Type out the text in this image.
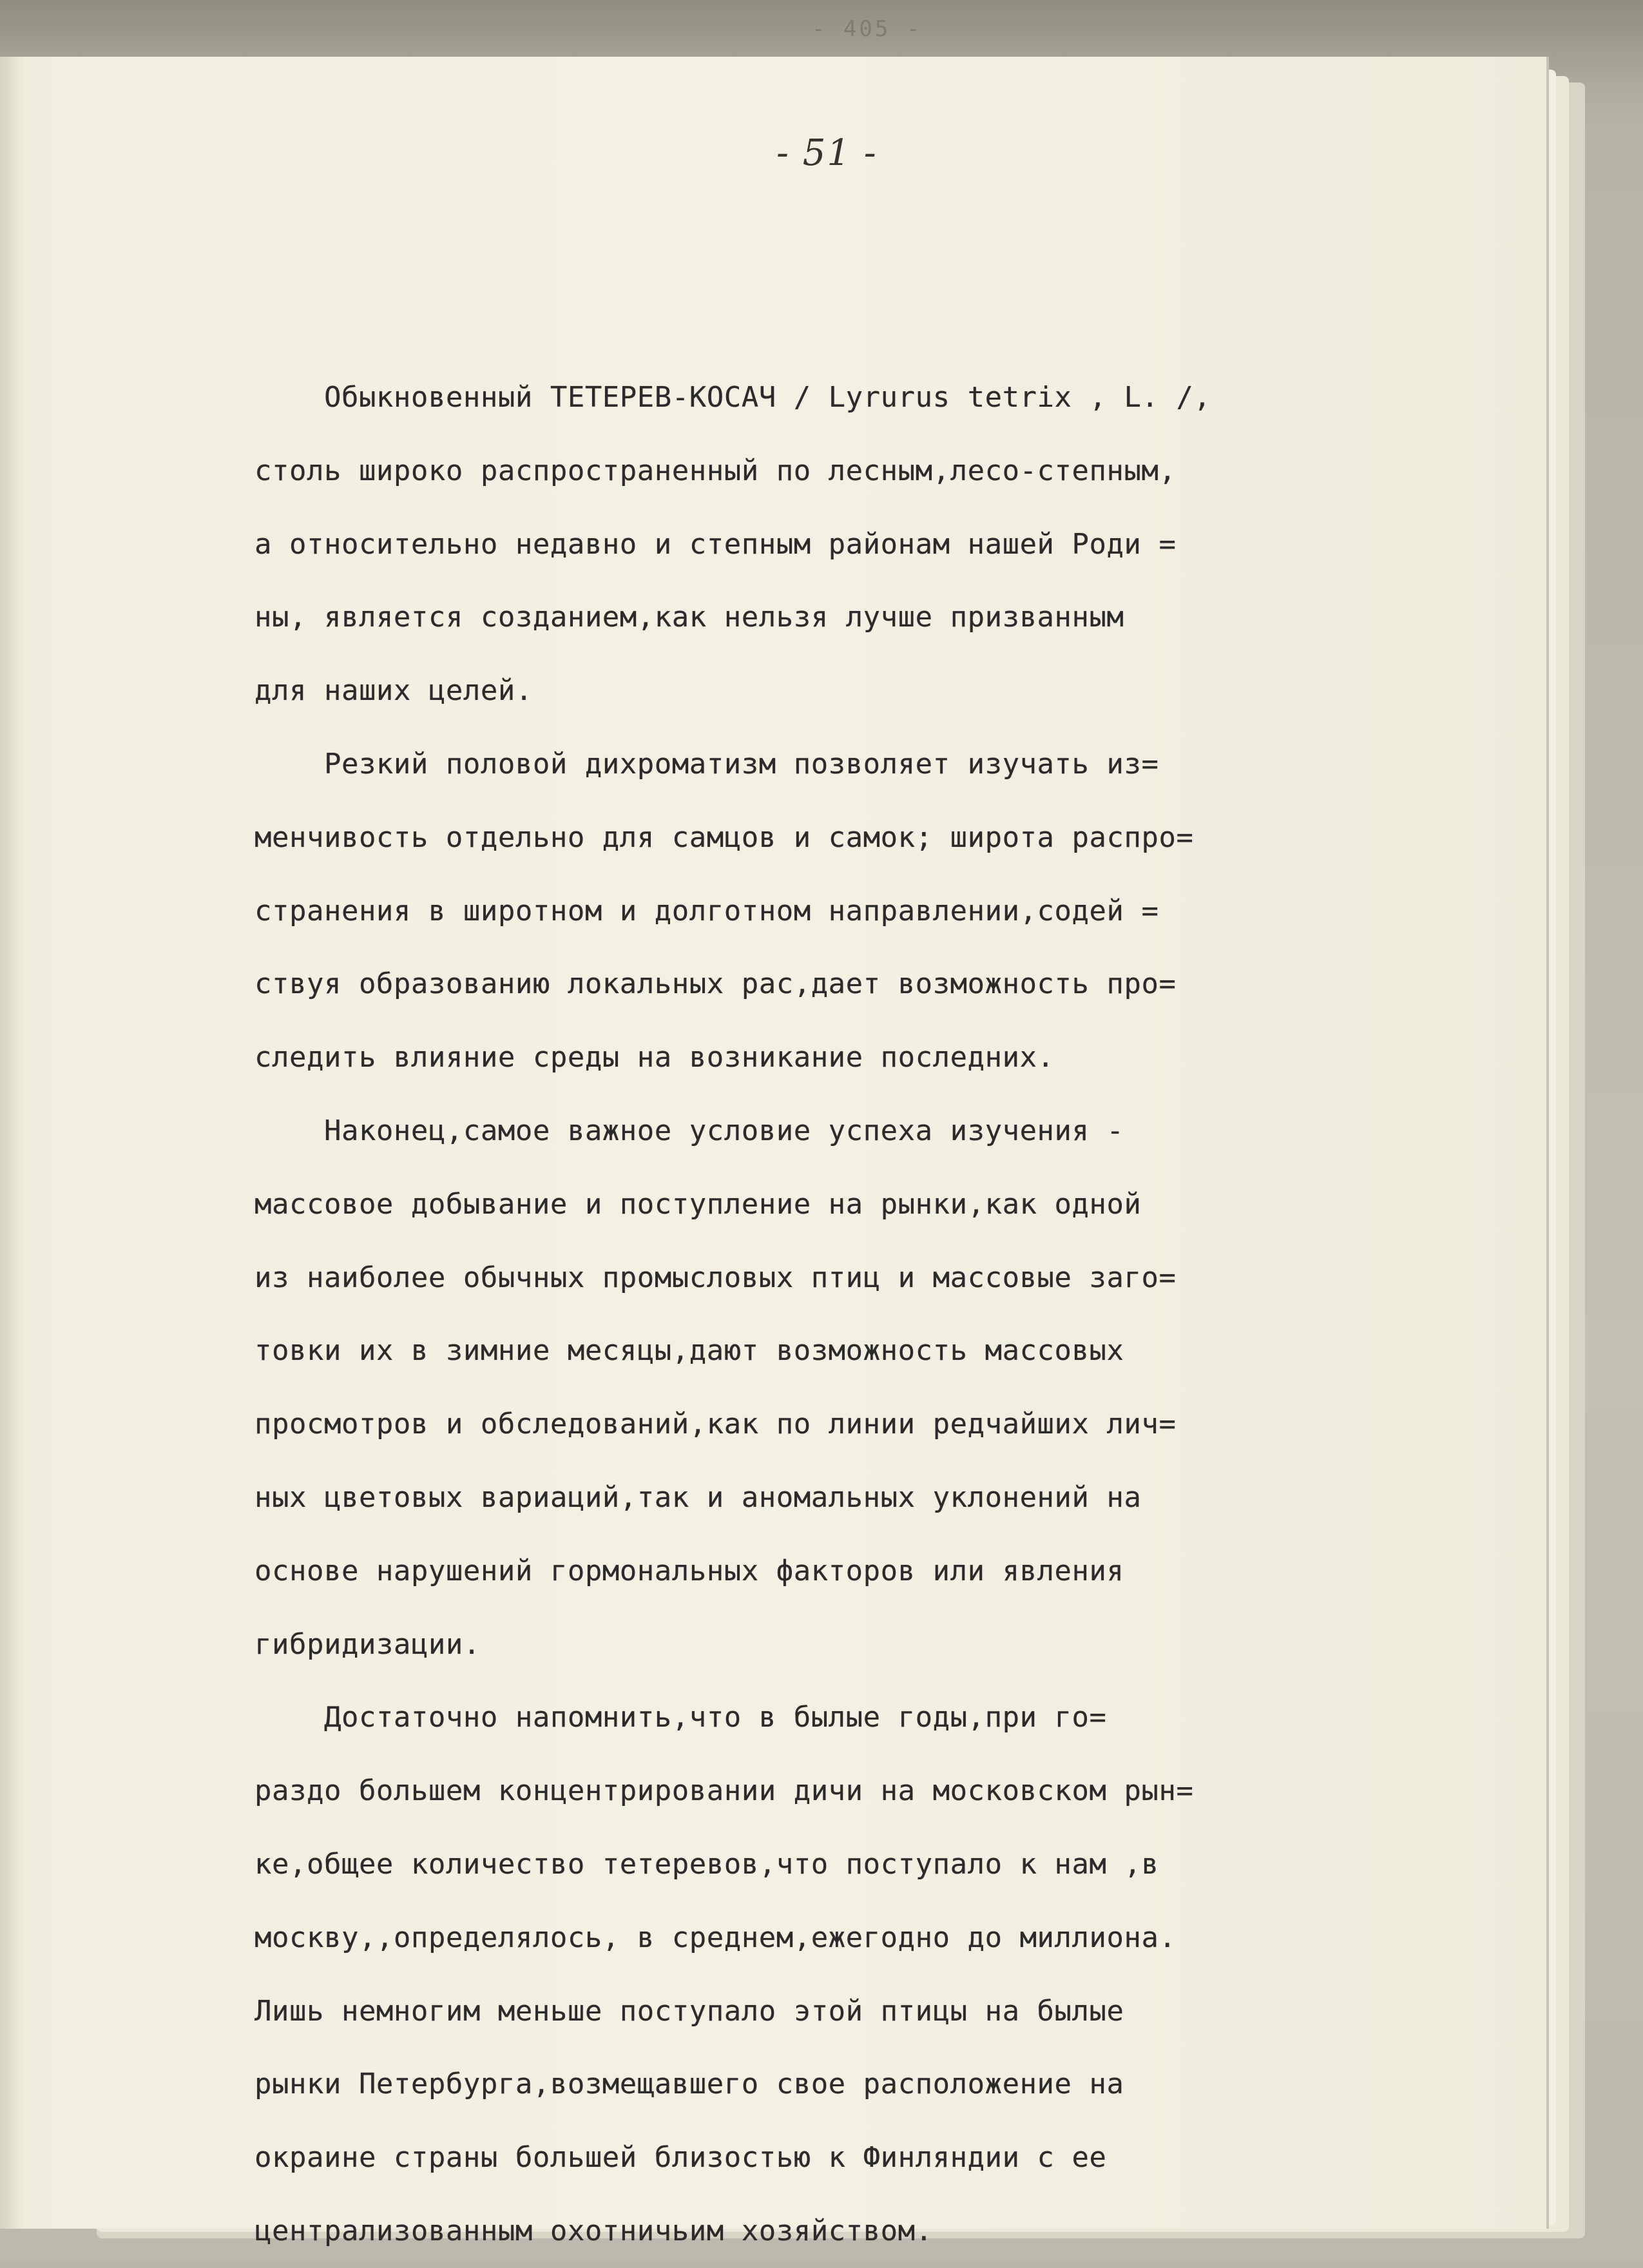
- 405 -
- 51 -

Обыкновенный ТЕТЕРЕВ-КОСАЧ / Lyrurus tetrix , L. /,

столь широко распространенный по лесным,лесо-степным,

а относительно недавно и степным районам нашей Роди =

ны, является созданием,как нельзя лучше призванным

для наших целей.

Резкий половой дихроматизм позволяет изучать из=

менчивость отдельно для самцов и самок; широта распро=

странения в широтном и долготном направлении,содей =

ствуя образованию локальных рас,дает возможность про=

следить влияние среды на возникание последних.

Наконец,самое важное условие успеха изучения -

массовое добывание и поступление на рынки,как одной

из наиболее обычных промысловых птиц и массовые заго=

товки их в зимние месяцы,дают возможность массовых

просмотров и обследований,как по линии редчайших лич=

ных цветовых вариаций,так и аномальных уклонений на

основе нарушений гормональных факторов или явления

гибридизации.

Достаточно напомнить,что в былые годы,при го=

раздо большем концентрировании дичи на московском рын=

ке,общее количество тетеревов,что поступало к нам ,в

москву,,определялось, в среднем,ежегодно до миллиона.

Лишь немногим меньше поступало этой птицы на былые

рынки Петербурга,возмещавшего свое расположение на

окраине страны большей близостью к Финляндии с ее

централизованным охотничьим хозяйством.
